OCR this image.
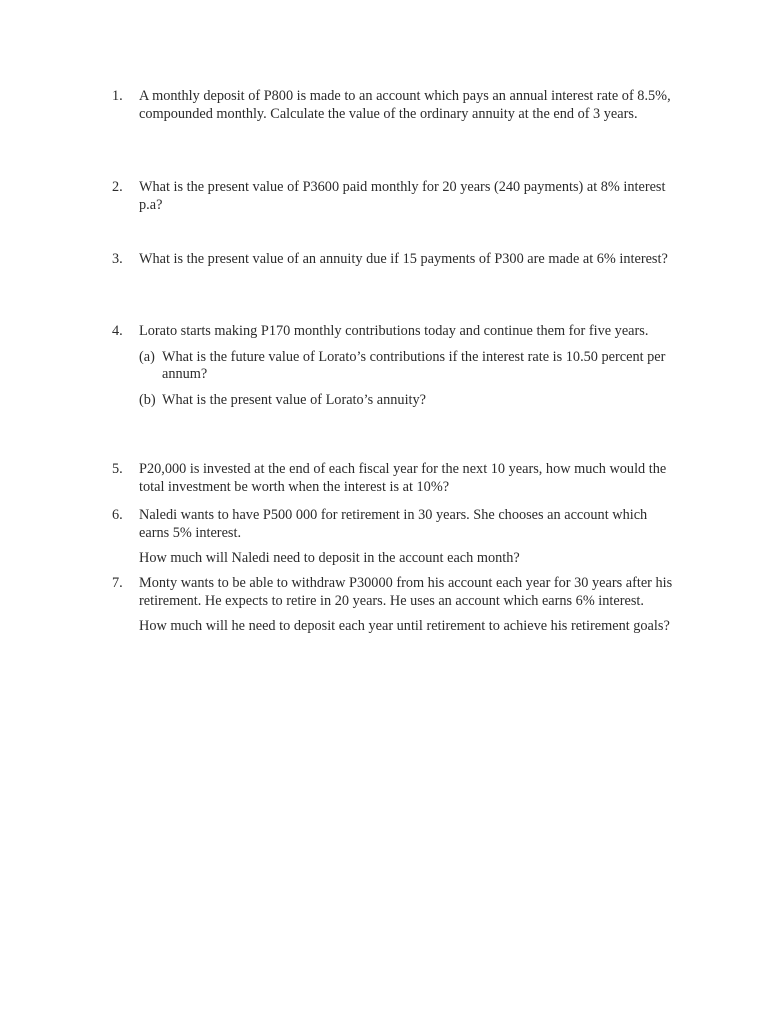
1.	A monthly deposit of P800 is made to an account which pays an annual interest rate of 8.5%, compounded monthly. Calculate the value of the ordinary annuity at the end of 3 years.

2.	What is the present value of P3600 paid monthly for 20 years (240 payments) at 8% interest p.a?

3.	What is the present value of an annuity due if 15 payments of P300 are made at 6% interest?

4.	Lorato starts making P170 monthly contributions today and continue them for five years.

(a) What is the future value of Lorato’s contributions if the interest rate is 10.50 percent per annum?

(b) What is the present value of Lorato’s annuity?

5.	P20,000 is invested at the end of each fiscal year for the next 10 years, how much would the total investment be worth when the interest is at 10%?

6.	Naledi wants to have P500 000 for retirement in 30 years. She chooses an account which earns 5% interest.

How much will Naledi need to deposit in the account each month?

7.	Monty wants to be able to withdraw P30000 from his account each year for 30 years after his retirement. He expects to retire in 20 years. He uses an account which earns 6% interest.

How much will he need to deposit each year until retirement to achieve his retirement goals?
